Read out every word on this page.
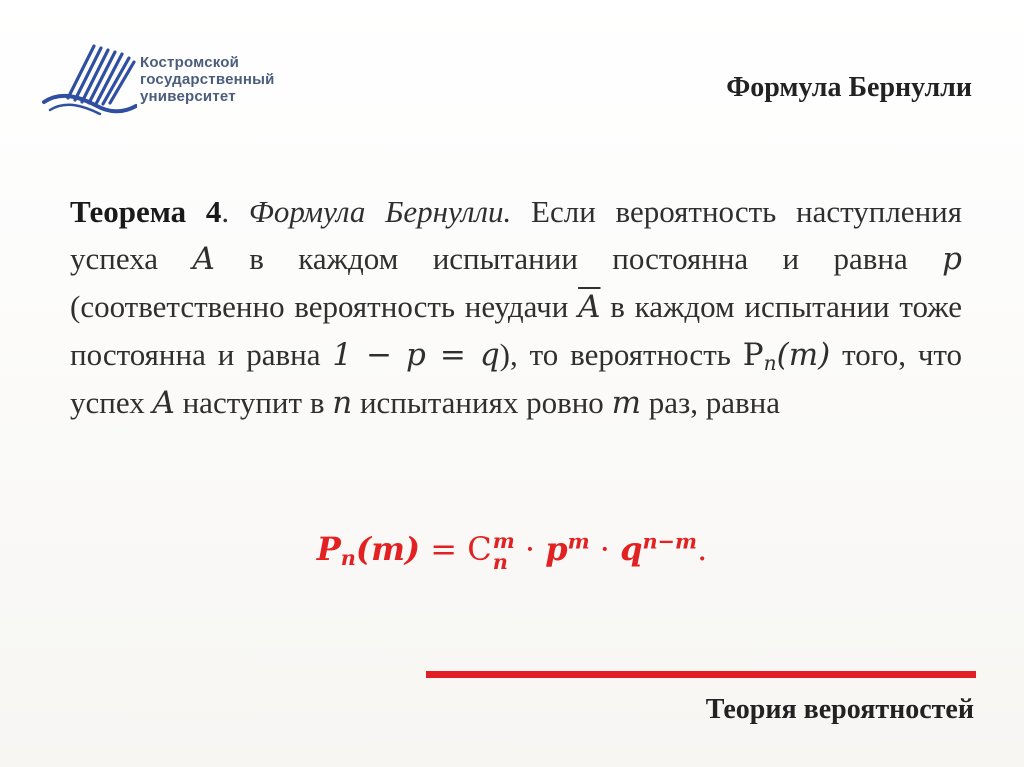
Костромской
государственный
университет	Формула Бернулли
Теорема 4. Формула Бернулли. Если вероятность наступления успеха A в каждом испытании постоянна и равна p (соответственно вероятность неудачи $\overline{A}$ в каждом испытании тоже постоянна и равна 1 − p = q), то вероятность $P_n(m)$ того, что успех A наступит в n испытаниях ровно m раз, равна
$P_n(m) = C$ m
$n \cdot p^m \cdot q^{n-m}$.
Теория вероятностей
